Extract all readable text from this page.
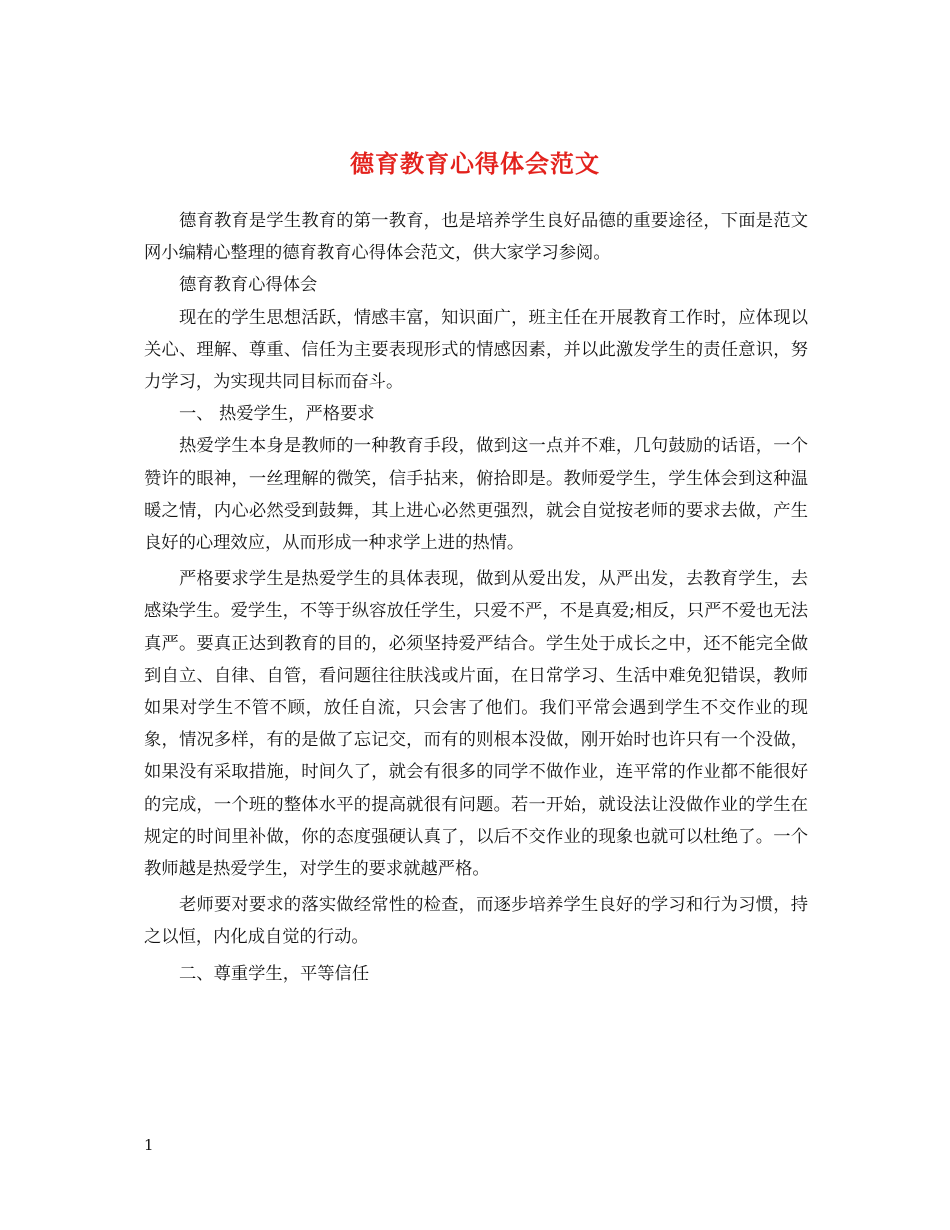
德育教育心得体会范文

德育教育是学生教育的第一教育，也是培养学生良好品德的重要途径，下面是范文网小编精心整理的德育教育心得体会范文，供大家学习参阅。

德育教育心得体会

现在的学生思想活跃，情感丰富，知识面广，班主任在开展教育工作时，应体现以关心、理解、尊重、信任为主要表现形式的情感因素，并以此激发学生的责任意识，努力学习，为实现共同目标而奋斗。

一、 热爱学生，严格要求

热爱学生本身是教师的一种教育手段，做到这一点并不难，几句鼓励的话语，一个赞许的眼神，一丝理解的微笑，信手拈来，俯拾即是。教师爱学生，学生体会到这种温暖之情，内心必然受到鼓舞，其上进心必然更强烈，就会自觉按老师的要求去做，产生良好的心理效应，从而形成一种求学上进的热情。

严格要求学生是热爱学生的具体表现，做到从爱出发，从严出发，去教育学生，去感染学生。爱学生，不等于纵容放任学生，只爱不严，不是真爱;相反，只严不爱也无法真严。要真正达到教育的目的，必须坚持爱严结合。学生处于成长之中，还不能完全做到自立、自律、自管，看问题往往肤浅或片面，在日常学习、生活中难免犯错误，教师如果对学生不管不顾，放任自流，只会害了他们。我们平常会遇到学生不交作业的现象，情况多样，有的是做了忘记交，而有的则根本没做，刚开始时也许只有一个没做，如果没有采取措施，时间久了，就会有很多的同学不做作业，连平常的作业都不能很好的完成，一个班的整体水平的提高就很有问题。若一开始，就设法让没做作业的学生在规定的时间里补做，你的态度强硬认真了，以后不交作业的现象也就可以杜绝了。一个教师越是热爱学生，对学生的要求就越严格。

老师要对要求的落实做经常性的检查，而逐步培养学生良好的学习和行为习惯，持之以恒，内化成自觉的行动。

二、尊重学生，平等信任

1
